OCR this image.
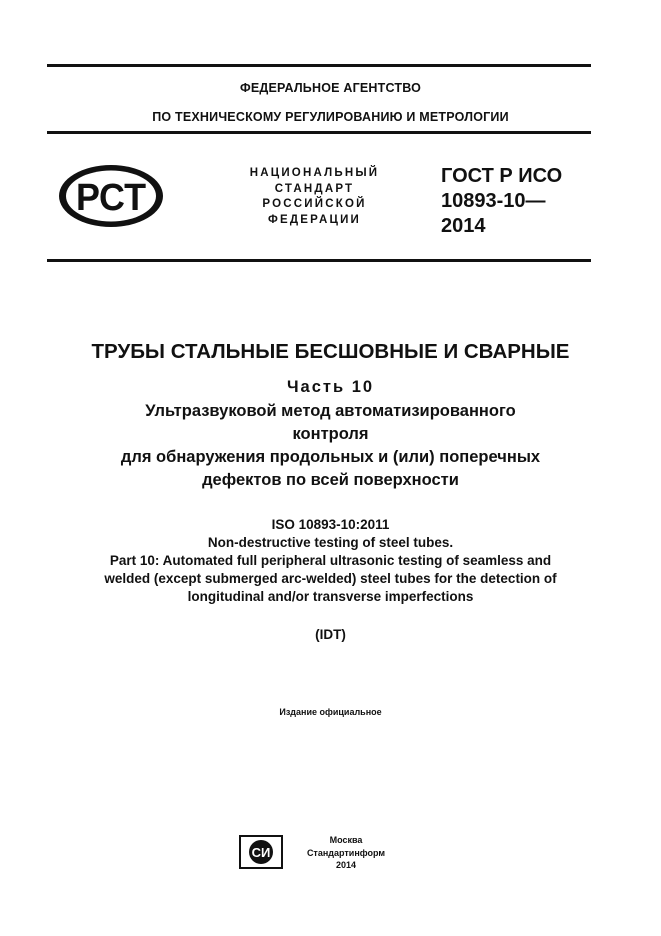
ФЕДЕРАЛЬНОЕ АГЕНТСТВО
ПО ТЕХНИЧЕСКОМУ РЕГУЛИРОВАНИЮ И МЕТРОЛОГИИ
РСТ
НАЦИОНАЛЬНЫЙ
СТАНДАРТ
РОССИЙСКОЙ
ФЕДЕРАЦИИ
ГОСТ Р ИСО
10893-10—
2014
ТРУБЫ СТАЛЬНЫЕ БЕСШОВНЫЕ И СВАРНЫЕ
Часть 10
Ультразвуковой метод автоматизированного
контроля
для обнаружения продольных и (или) поперечных
дефектов по всей поверхности
ISO 10893-10:2011
Non-destructive testing of steel tubes.
Part 10: Automated full peripheral ultrasonic testing of seamless and
welded (except submerged arc-welded) steel tubes for the detection of
longitudinal and/or transverse imperfections
(IDT)
Издание официальное
СИ
Москва
Стандартинформ
2014
